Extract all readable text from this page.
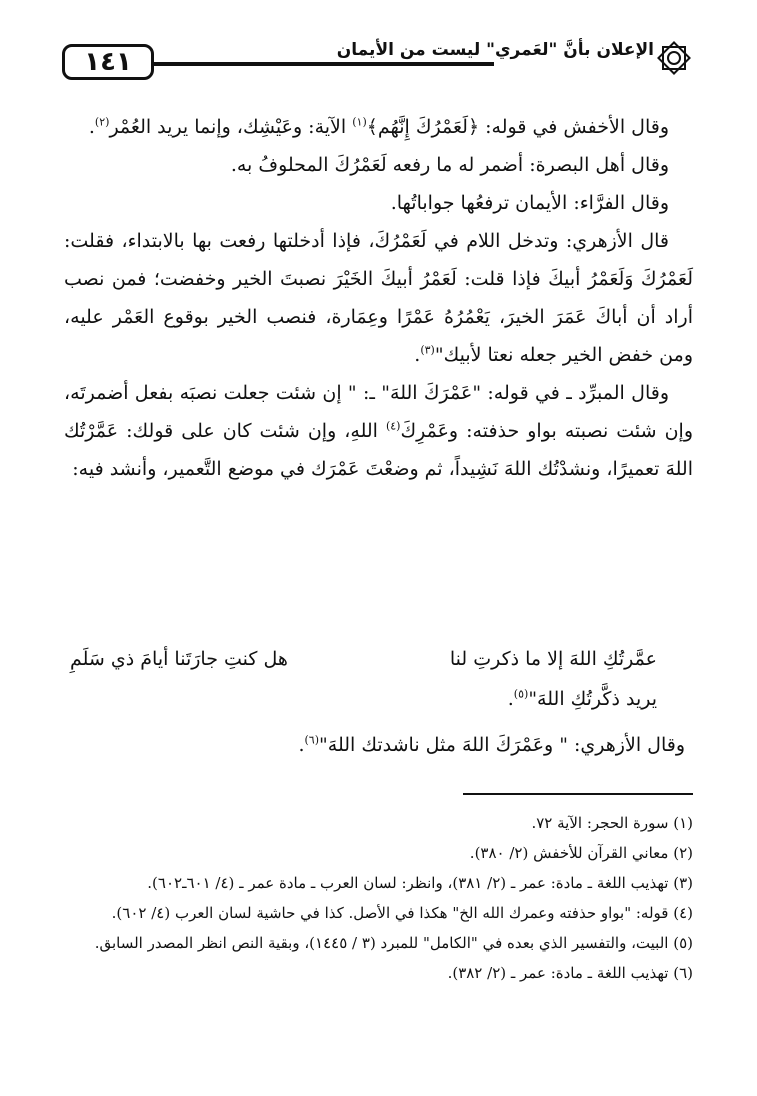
١٤١	الإعلان بأنَّ "لعَمري" ليست من الأيمان

وقال الأخفش في قوله: ﴿لَعَمْرُكَ إِنَّهُم﴾$^{(١)}$ الآية: وعَيْشِك، وإنما يريد العُمْر$^{(٢)}$.

وقال أهل البصرة: أضمر له ما رفعه لَعَمْرُكَ المحلوفُ به.

وقال الفرَّاء: الأيمان ترفعُها جواباتُها.

قال الأزهري: وتدخل اللام في لَعَمْرُكَ، فإذا أدخلتها رفعت بها بالابتداء، فقلت: لَعَمْرُكَ وَلَعَمْرُ أبيكَ فإذا قلت: لَعَمْرُ أبيكَ الخَيْرَ نصبتَ الخير وخفضت؛ فمن نصب أراد أن أباكَ عَمَرَ الخيرَ، يَعْمُرُهُ عَمْرًا وعِمَارة، فنصب الخير بوقوع العَمْر عليه، ومن خفض الخير جعله نعتا لأبيك"$^{(٣)}$.

وقال المبرِّد ـ في قوله: "عَمْرَكَ اللهَ" ـ: " إن شئت جعلت نصبَه بفعل أضمرتَه، وإن شئت نصبته بواو حذفته: وعَمْرِكَ$^{(٤)}$ اللهِ، وإن شئت كان على قولك: عَمَّرْتُك اللهَ تعميرًا، ونشدْتُك اللهَ نَشِيداً، ثم وضعْتَ عَمْرَك في موضع التَّعمير، وأنشد فيه:

عمَّرتُكِ اللهَ إلا ما ذكرتِ لنا
هل كنتِ جارَتَنا أيامَ ذي سَلَمِ
يريد ذكَّرتُكِ اللهَ"$^{(٥)}$.
وقال الأزهري: " وعَمْرَكَ اللهَ مثل ناشدتك اللهَ"$^{(٦)}$.

(١) سورة الحجر: الآية ٧٢.

(٢) معاني القرآن للأخفش (٢/ ٣٨٠).

(٣) تهذيب اللغة ـ مادة: عمر ـ (٢/ ٣٨١)، وانظر: لسان العرب ـ مادة عمر ـ (٤/ ٦٠١ـ٦٠٢).

(٤) قوله: "بواو حذفته وعمرك الله الخ" هكذا في الأصل. كذا في حاشية لسان العرب (٤/ ٦٠٢).

(٥) البيت، والتفسير الذي بعده في "الكامل" للمبرد (٣ / ١٤٤٥)، وبقية النص انظر المصدر السابق.

(٦) تهذيب اللغة ـ مادة: عمر ـ (٢/ ٣٨٢).
